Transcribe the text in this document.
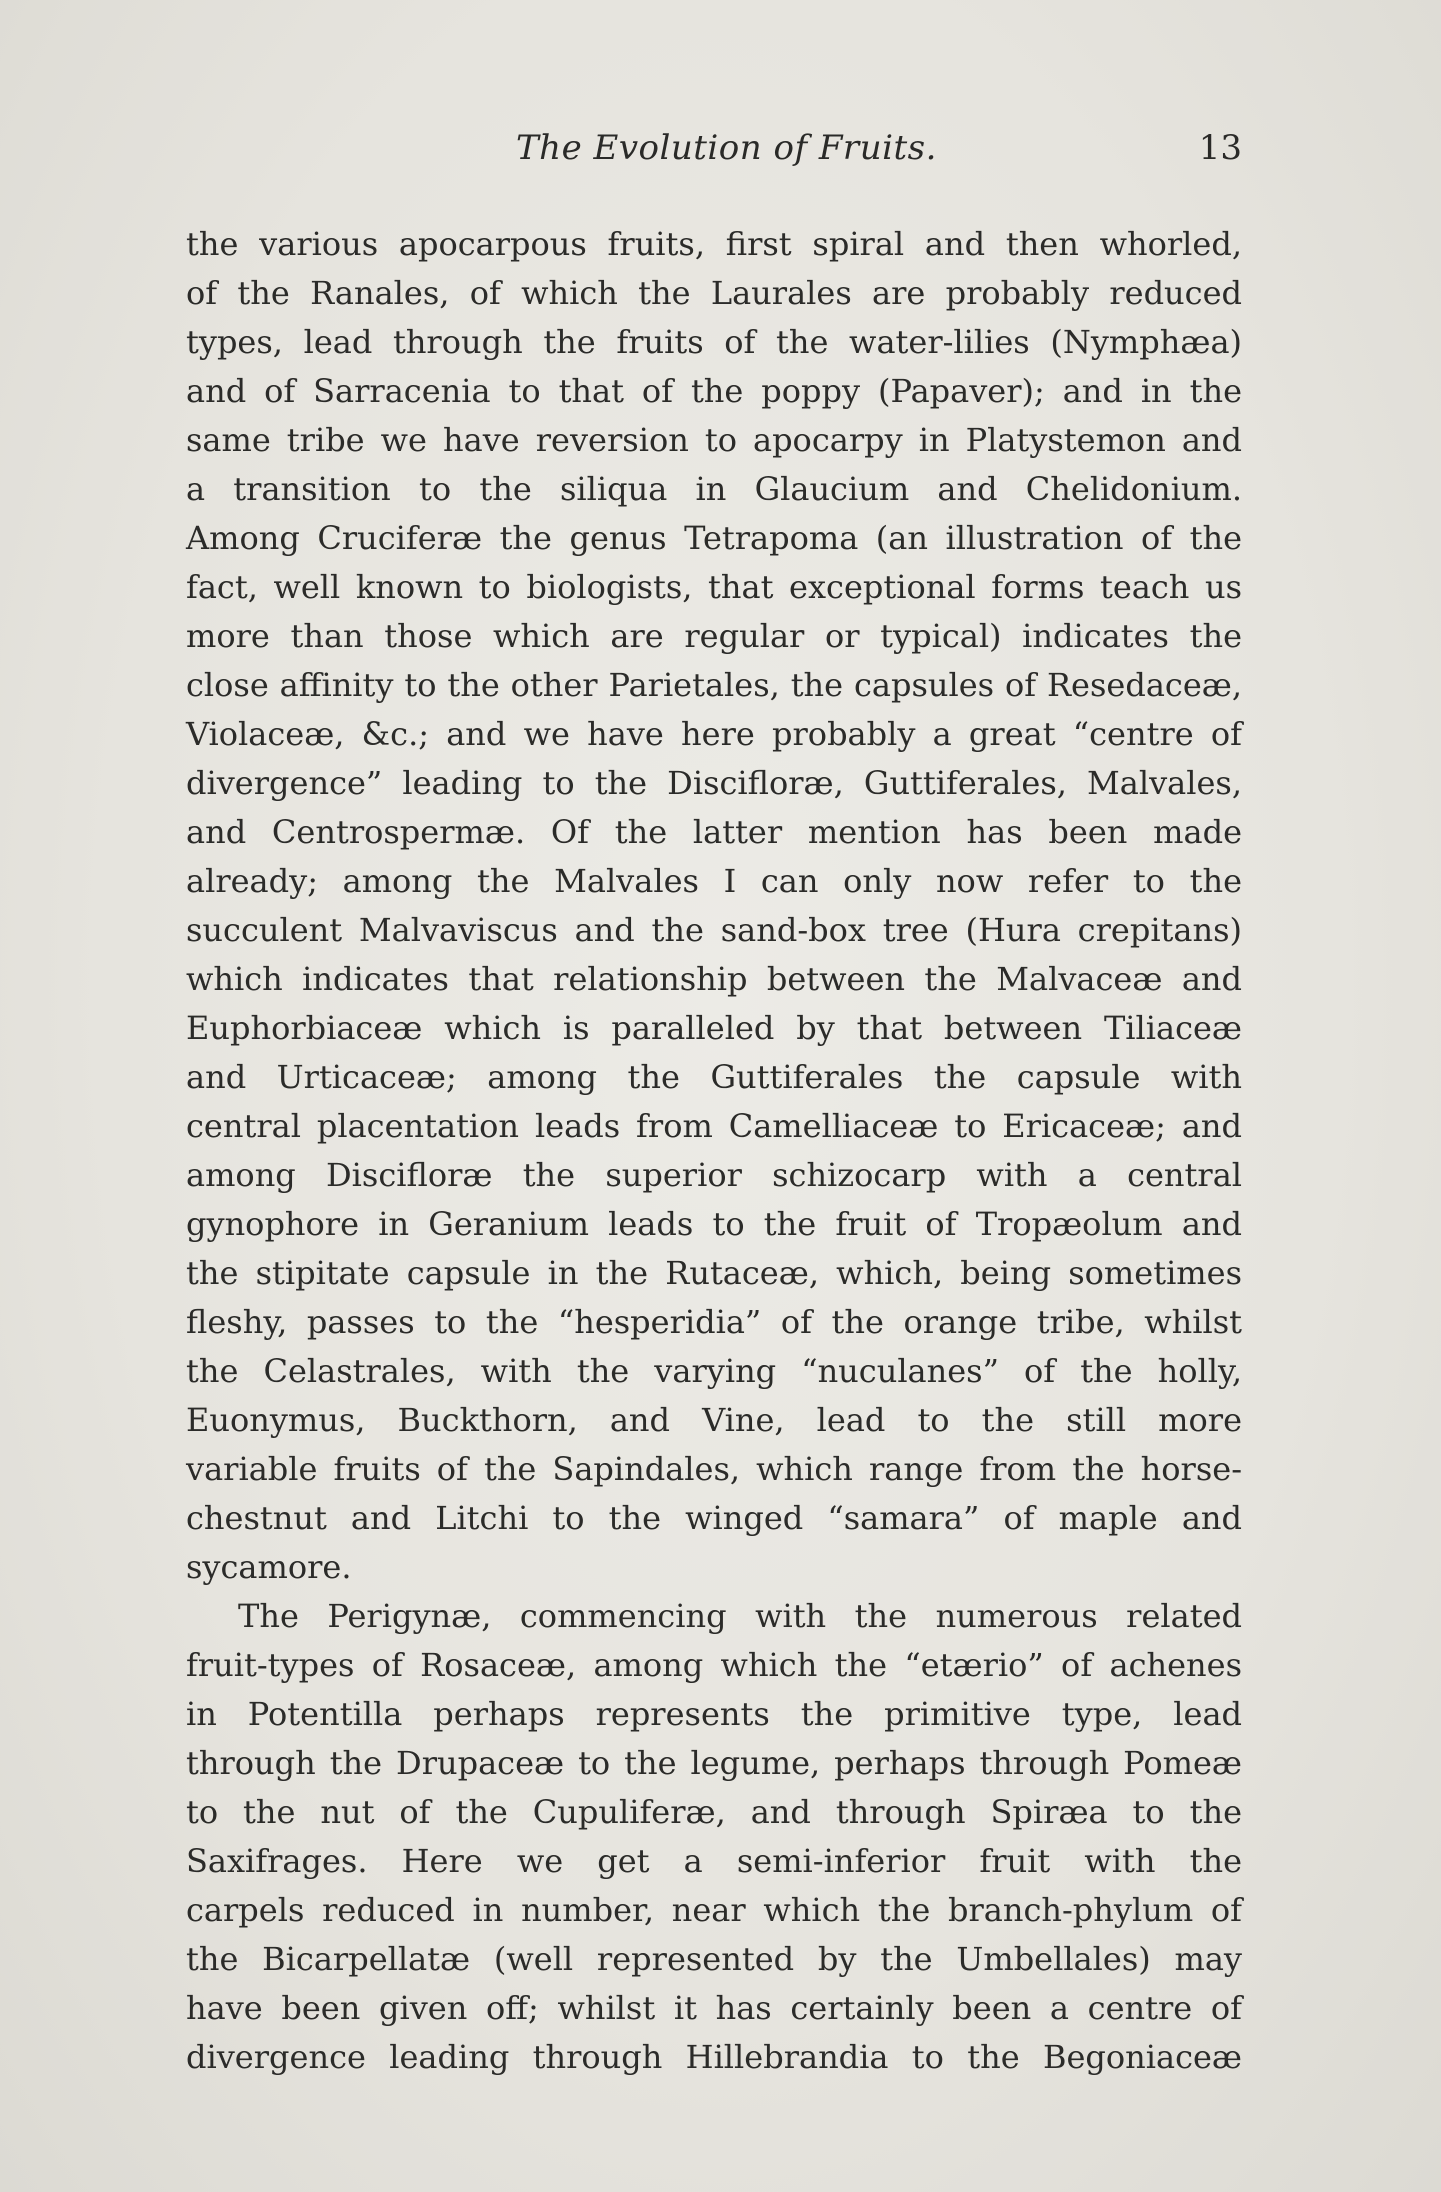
The Evolution of Fruits.	13
the various apocarpous fruits, first spiral and then whorled,
of the Ranales, of which the Laurales are probably reduced
types, lead through the fruits of the water-lilies (Nymphæa)
and of Sarracenia to that of the poppy (Papaver); and in the
same tribe we have reversion to apocarpy in Platystemon and
a transition to the siliqua in Glaucium and Chelidonium.
Among Cruciferæ the genus Tetrapoma (an illustration of the
fact, well known to biologists, that exceptional forms teach us
more than those which are regular or typical) indicates the
close affinity to the other Parietales, the capsules of Resedaceæ,
Violaceæ, &c.; and we have here probably a great “centre of
divergence” leading to the Disciﬂoræ, Guttiferales, Malvales,
and Centrospermæ. Of the latter mention has been made
already; among the Malvales I can only now refer to the
succulent Malvaviscus and the sand-box tree (Hura crepitans)
which indicates that relationship between the Malvaceæ and
Euphorbiaceæ which is paralleled by that between Tiliaceæ
and Urticaceæ; among the Guttiferales the capsule with
central placentation leads from Camelliaceæ to Ericaceæ; and
among Disciﬂoræ the superior schizocarp with a central
gynophore in Geranium leads to the fruit of Tropæolum and
the stipitate capsule in the Rutaceæ, which, being sometimes
fleshy, passes to the “hesperidia” of the orange tribe, whilst
the Celastrales, with the varying “nuculanes” of the holly,
Euonymus, Buckthorn, and Vine, lead to the still more
variable fruits of the Sapindales, which range from the horse-
chestnut and Litchi to the winged “samara” of maple and
sycamore.
The Perigynæ, commencing with the numerous related
fruit-types of Rosaceæ, among which the “etærio” of achenes
in Potentilla perhaps represents the primitive type, lead
through the Drupaceæ to the legume, perhaps through Pomeæ
to the nut of the Cupuliferæ, and through Spiræa to the
Saxifrages. Here we get a semi-inferior fruit with the
carpels reduced in number, near which the branch-phylum of
the Bicarpellatæ (well represented by the Umbellales) may
have been given off; whilst it has certainly been a centre of
divergence leading through Hillebrandia to the Begoniaceæ
